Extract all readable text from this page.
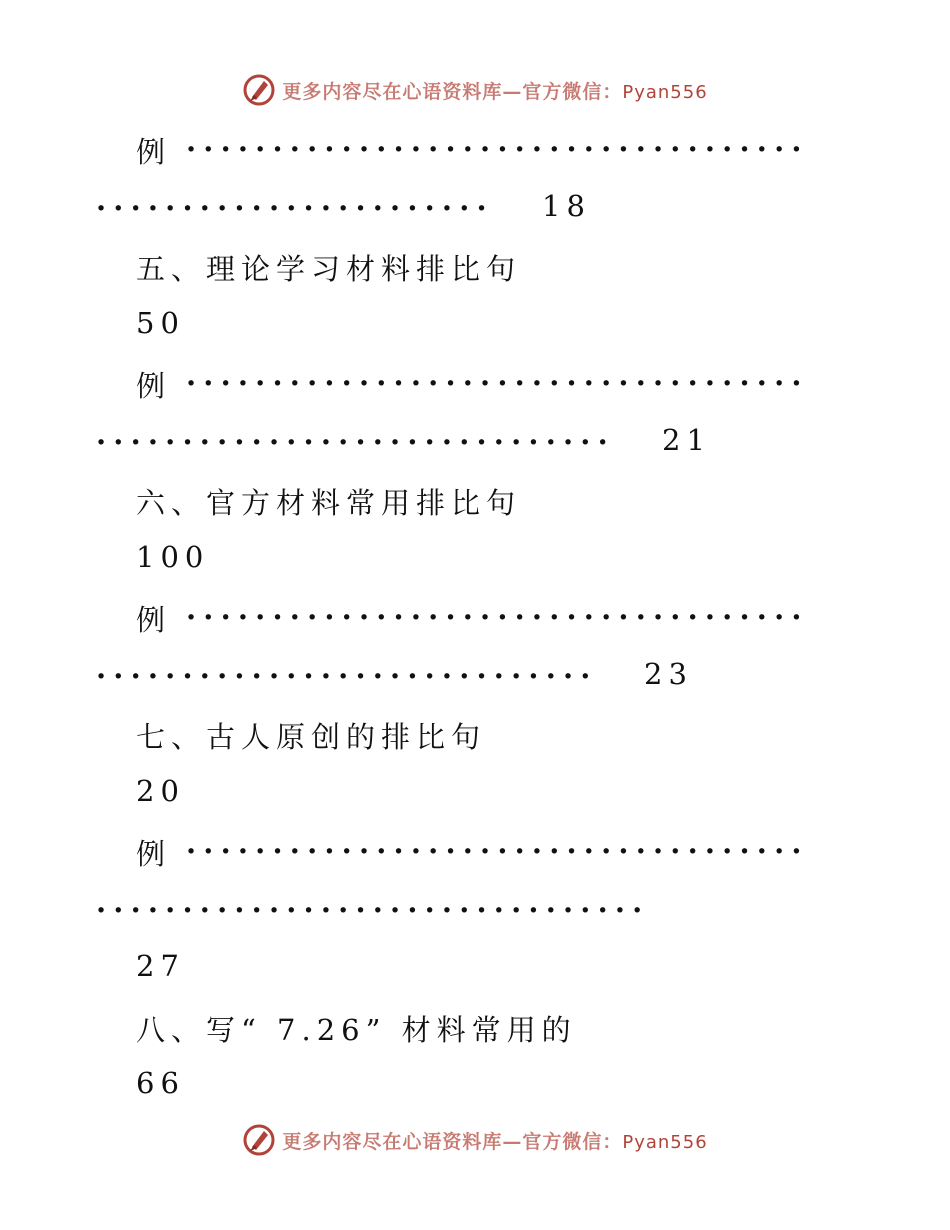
更多内容尽在心语资料库—官方微信：Pyan556
例 ....................................
....................... 18
五、理论学习材料排比句
50
例 ....................................
.............................. 21
六、官方材料常用排比句
100
例 ....................................
............................. 23
七、古人原创的排比句
20
例 ....................................
................................
27
八、写“ 7.26” 材料常用的
66
更多内容尽在心语资料库—官方微信：Pyan556
